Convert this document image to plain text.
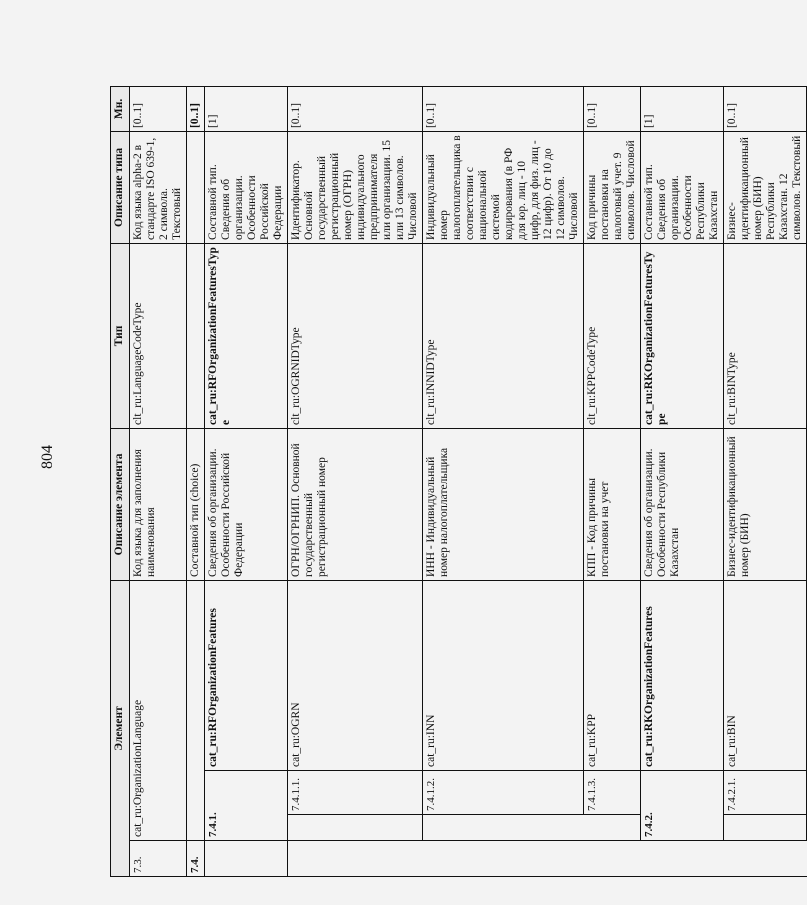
804
Элемент				Описание элемента	Тип	Описание типа	Мн.
7.3.	cat_ru:OrganizationLanguage			Код языка для заполнения наименования	clt_ru:LanguageCodeType	Код языка alpha-2 в стандарте ISO 639-1, 2 символа. Текстовый	[0..1]
7.4.				Составной тип (choice)			[0..1]
	7.4.1.		cat_ru:RFOrganizationFeatures	Сведения об организации. Особенности Российской Федерации	cat_ru:RFOrganizationFeaturesType	Составной тип. Сведения об организации. Особенности Российской Федерации	[1]
		7.4.1.1.	cat_ru:OGRN	ОГРН/ОГРНИП. Основной государственный регистрационный номер	clt_ru:OGRNIDType	Идентификатор. Основной государственный регистрационный номер (ОГРН) индивидуального предпринимателя или организации. 15 или 13 символов. Числовой	[0..1]
		7.4.1.2.	cat_ru:INN	ИНН - Индивидуальный номер налогоплательщика	clt_ru:INNIDType	Индивидуальный номер налогоплательщика в соответствии с национальной системой кодирования (в РФ для юр. лиц - 10 цифр, для физ. лиц - 12 цифр). От 10 до 12 символов. Числовой	[0..1]
		7.4.1.3.	cat_ru:KPP	КПП - Код причины постановки на учет	clt_ru:KPPCodeType	Код причины постановки на налоговый учет. 9 символов. Числовой	[0..1]
	7.4.2.		cat_ru:RKOrganizationFeatures	Сведения об организации. Особенности Республики Казахстан	cat_ru:RKOrganizationFeaturesType	Составной тип. Сведения об организации. Особенности Республики Казахстан	[1]
		7.4.2.1.	cat_ru:BIN	Бизнес-идентификационный номер (БИН)	clt_ru:BINType	Бизнес-идентификационный номер (БИН) Республики Казахстан. 12 символов. Текстовый	[0..1]
